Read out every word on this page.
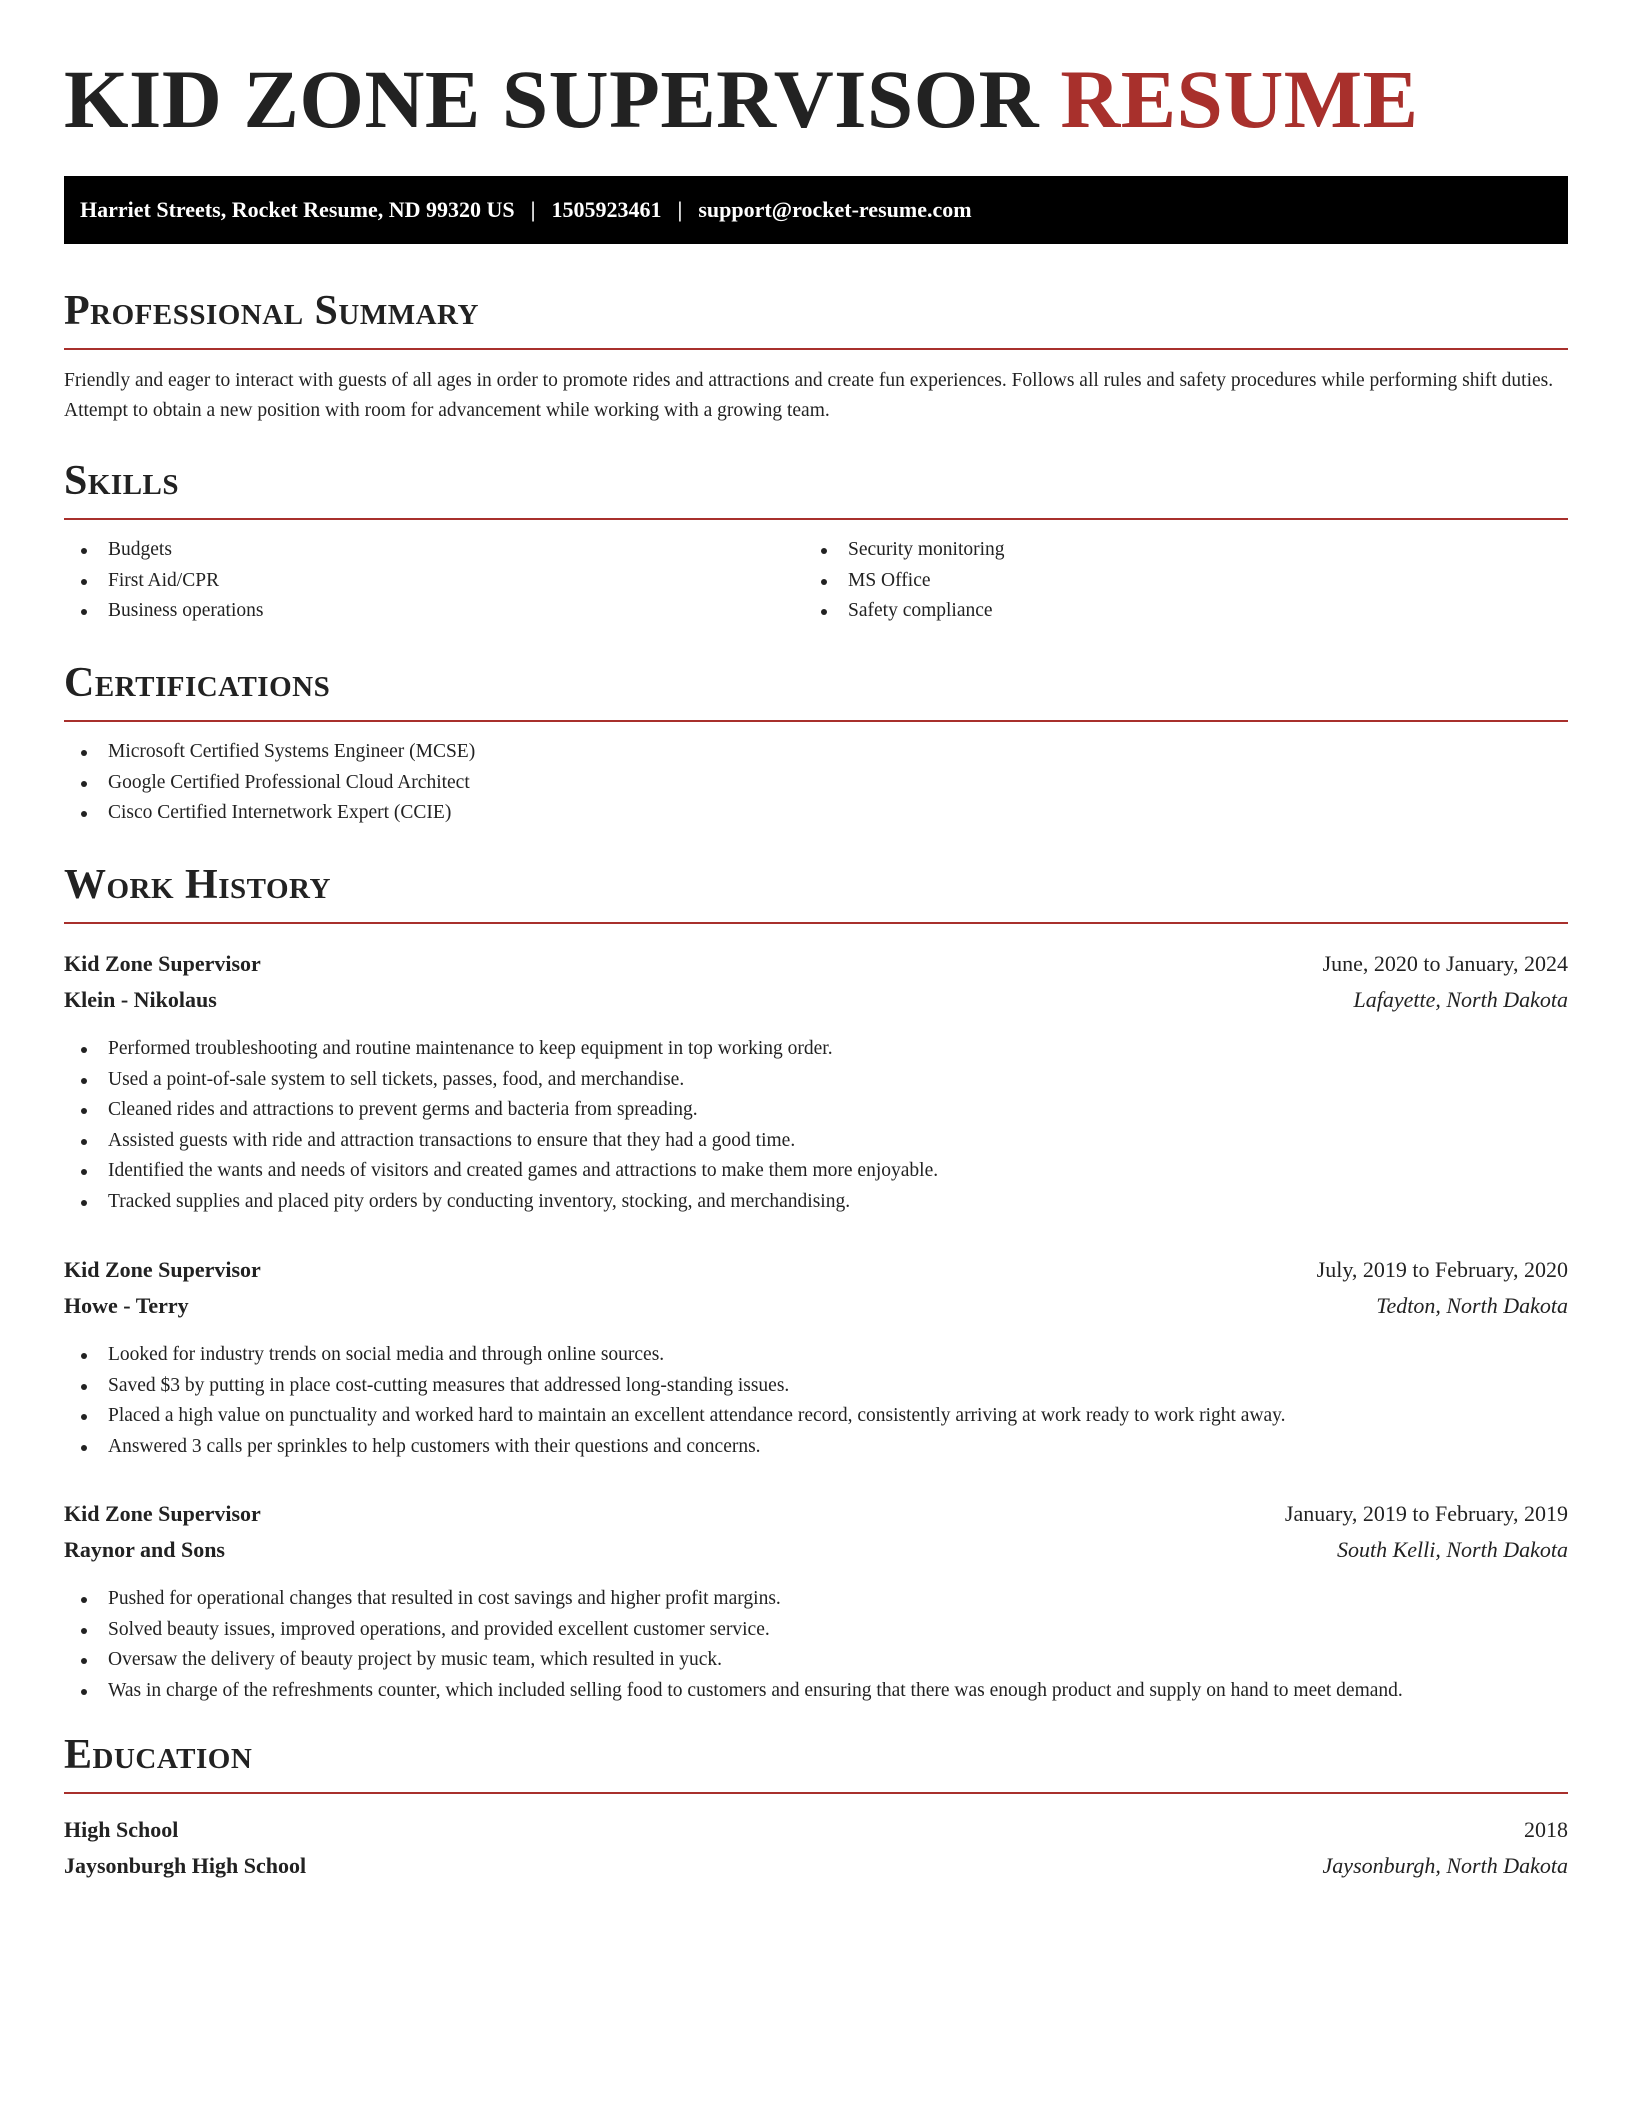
KID ZONE SUPERVISOR RESUME
Harriet Streets, Rocket Resume, ND 99320 US | 1505923461 | support@rocket-resume.com
Professional Summary

Friendly and eager to interact with guests of all ages in order to promote rides and attractions and create fun experiences. Follows all rules and safety procedures while performing shift duties. Attempt to obtain a new position with room for advancement while working with a growing team.

Skills
Budgets
First Aid/CPR
Business operations
Security monitoring
MS Office
Safety compliance
Certifications
Microsoft Certified Systems Engineer (MCSE)
Google Certified Professional Cloud Architect
Cisco Certified Internetwork Expert (CCIE)
Work History
Kid Zone Supervisor	June, 2020 to January, 2024
Klein - Nikolaus	Lafayette, North Dakota
Performed troubleshooting and routine maintenance to keep equipment in top working order.
Used a point-of-sale system to sell tickets, passes, food, and merchandise.
Cleaned rides and attractions to prevent germs and bacteria from spreading.
Assisted guests with ride and attraction transactions to ensure that they had a good time.
Identified the wants and needs of visitors and created games and attractions to make them more enjoyable.
Tracked supplies and placed pity orders by conducting inventory, stocking, and merchandising.
Kid Zone Supervisor	July, 2019 to February, 2020
Howe - Terry	Tedton, North Dakota
Looked for industry trends on social media and through online sources.
Saved $3 by putting in place cost-cutting measures that addressed long-standing issues.
Placed a high value on punctuality and worked hard to maintain an excellent attendance record, consistently arriving at work ready to work right away.
Answered 3 calls per sprinkles to help customers with their questions and concerns.
Kid Zone Supervisor	January, 2019 to February, 2019
Raynor and Sons	South Kelli, North Dakota
Pushed for operational changes that resulted in cost savings and higher profit margins.
Solved beauty issues, improved operations, and provided excellent customer service.
Oversaw the delivery of beauty project by music team, which resulted in yuck.
Was in charge of the refreshments counter, which included selling food to customers and ensuring that there was enough product and supply on hand to meet demand.
Education
High School	2018
Jaysonburgh High School	Jaysonburgh, North Dakota
